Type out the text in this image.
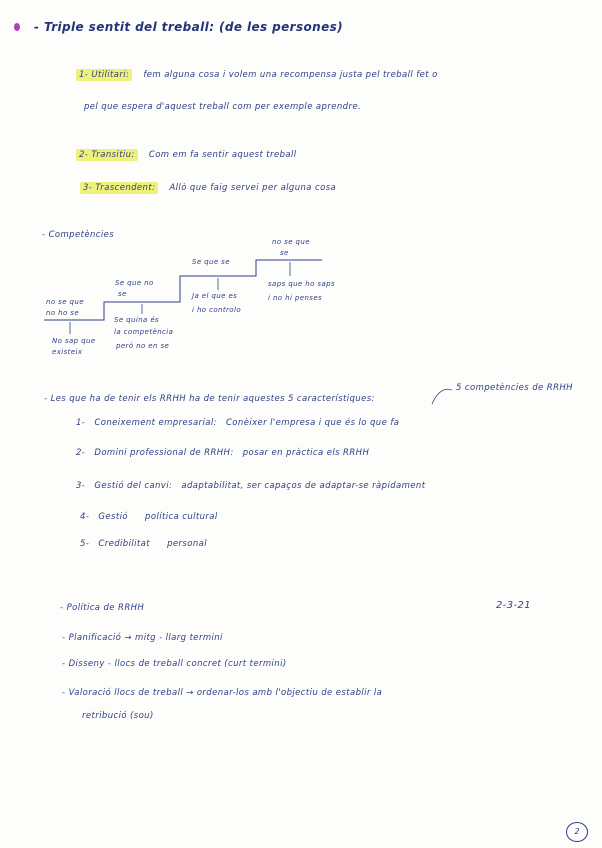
- Triple sentit del treball: (de les persones)
1- Utilitari: fem alguna cosa i volem una recompensa justa pel treball fet o
pel que espera d'aquest treball com per exemple aprendre.
2- Transitiu: Com em fa sentir aquest treball
3- Trascendent: Allò que faig servei per alguna cosa
- Competències
no se que
no ho se
No sap que
existeix
Se que no
se
Se quina és
la competència
però no en se
Se que se
Ja el que es
i ho controlo
no se que
se
saps que ho saps
i no hi penses
5 competències de RRHH
- Les que ha de tenir els RRHH ha de tenir aquestes 5 característiques:
1- Coneixement empresarial: Conèixer l'empresa i que és lo que fa
2- Domini professional de RRHH: posar en pràctica els RRHH
3- Gestió del canvi: adaptabilitat, ser capaços de adaptar-se ràpidament
4- Gestió política cultural
5- Credibilitat personal
- Política de RRHH	2-3-21
- Planificació → mitg - llarg termini
- Disseny - llocs de treball concret (curt termini)
- Valoració llocs de treball → ordenar-los amb l'objectiu de establir la
retribució (sou)
2
